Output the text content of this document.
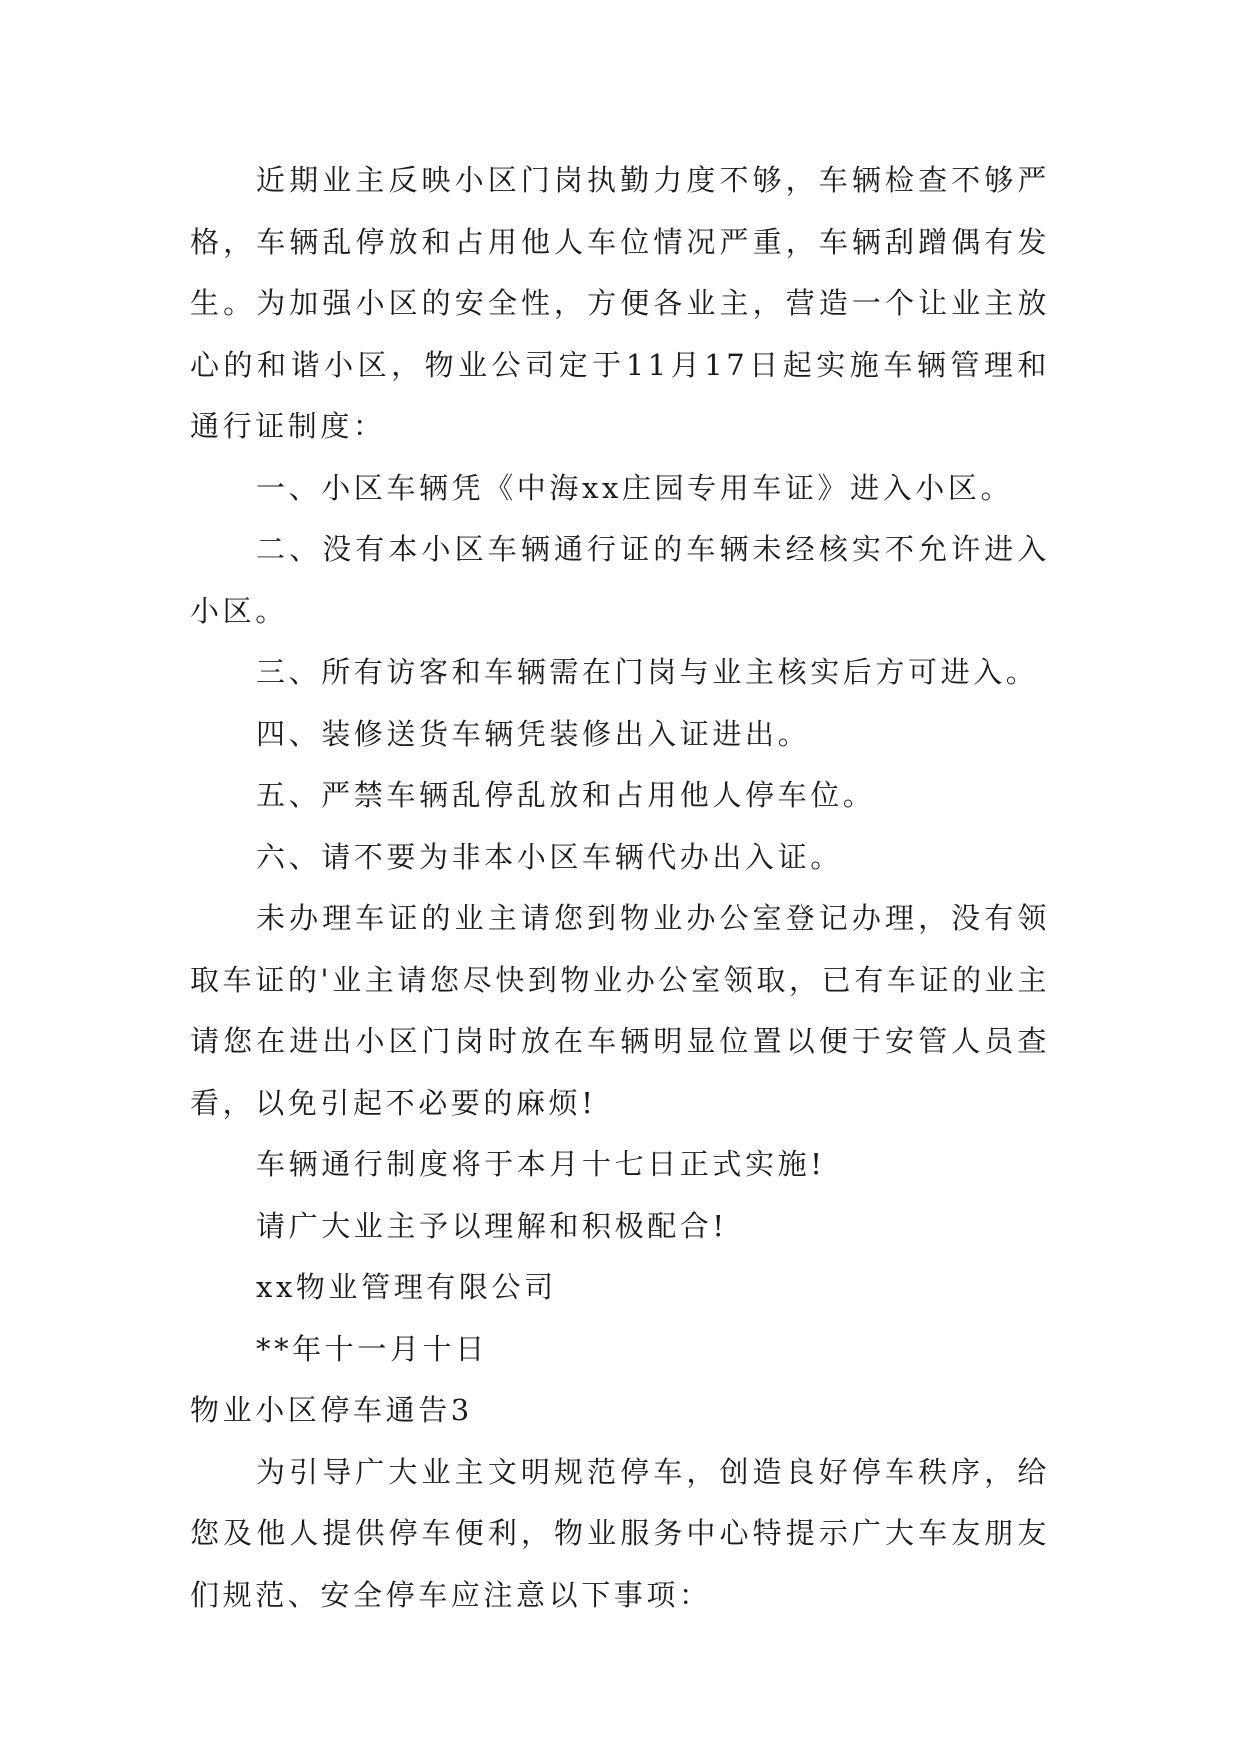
近期业主反映小区门岗执勤力度不够，车辆检查不够严格，车辆乱停放和占用他人车位情况严重，车辆刮蹭偶有发生。为加强小区的安全性，方便各业主，营造一个让业主放心的和谐小区，物业公司定于11月17日起实施车辆管理和通行证制度：

一、小区车辆凭《中海xx庄园专用车证》进入小区。

二、没有本小区车辆通行证的车辆未经核实不允许进入小区。

三、所有访客和车辆需在门岗与业主核实后方可进入。

四、装修送货车辆凭装修出入证进出。

五、严禁车辆乱停乱放和占用他人停车位。

六、请不要为非本小区车辆代办出入证。

未办理车证的业主请您到物业办公室登记办理，没有领取车证的'业主请您尽快到物业办公室领取，已有车证的业主请您在进出小区门岗时放在车辆明显位置以便于安管人员查看，以免引起不必要的麻烦!

车辆通行制度将于本月十七日正式实施!

请广大业主予以理解和积极配合!

xx物业管理有限公司

**年十一月十日

物业小区停车通告3

为引导广大业主文明规范停车，创造良好停车秩序，给您及他人提供停车便利，物业服务中心特提示广大车友朋友们规范、安全停车应注意以下事项：
